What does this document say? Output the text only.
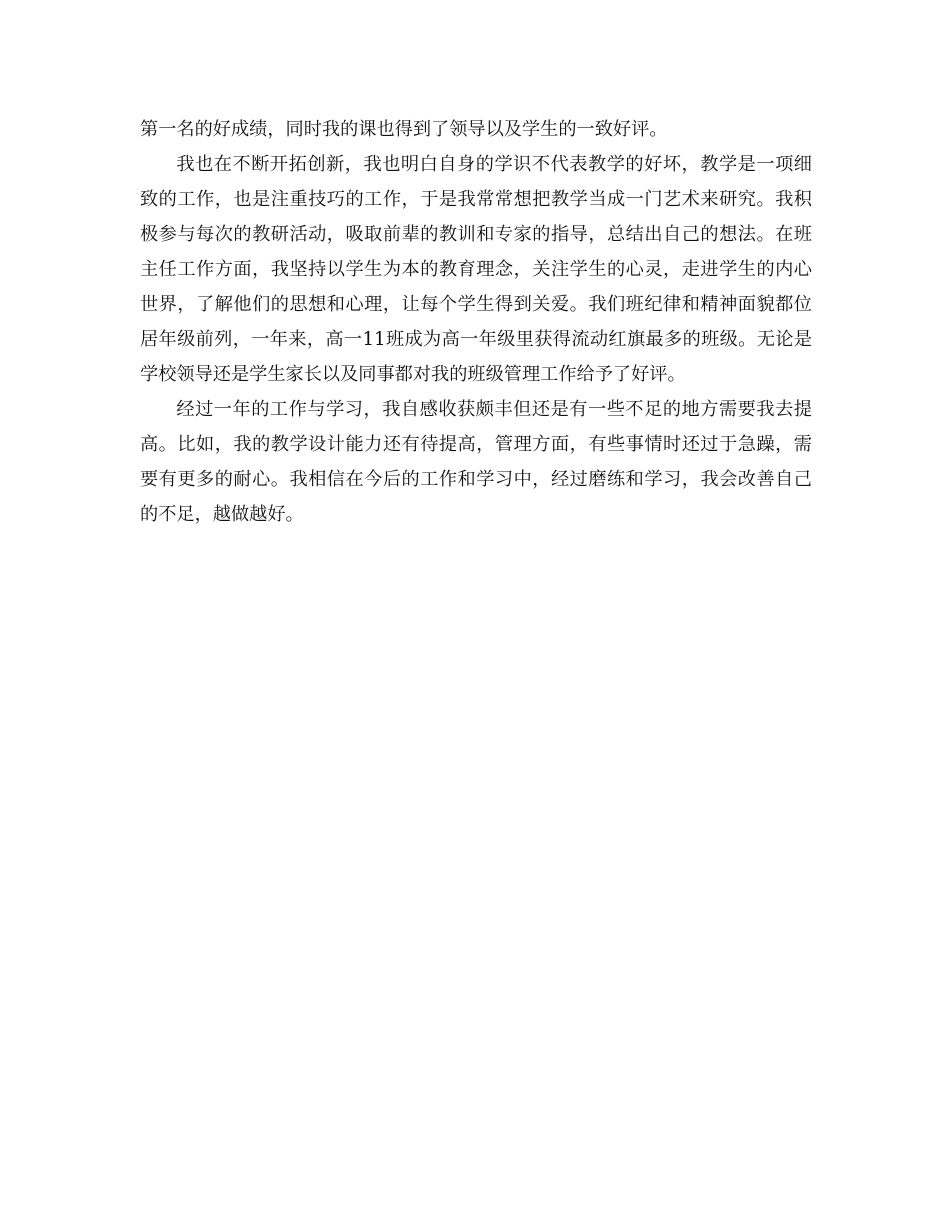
第一名的好成绩，同时我的课也得到了领导以及学生的一致好评。

我也在不断开拓创新，我也明白自身的学识不代表教学的好坏，教学是一项细致的工作，也是注重技巧的工作，于是我常常想把教学当成一门艺术来研究。我积极参与每次的教研活动，吸取前辈的教训和专家的指导，总结出自己的想法。在班主任工作方面，我坚持以学生为本的教育理念，关注学生的心灵，走进学生的内心世界，了解他们的思想和心理，让每个学生得到关爱。我们班纪律和精神面貌都位居年级前列，一年来，高一11班成为高一年级里获得流动红旗最多的班级。无论是学校领导还是学生家长以及同事都对我的班级管理工作给予了好评。

经过一年的工作与学习，我自感收获颇丰但还是有一些不足的地方需要我去提高。比如，我的教学设计能力还有待提高，管理方面，有些事情时还过于急躁，需要有更多的耐心。我相信在今后的工作和学习中，经过磨练和学习，我会改善自己的不足，越做越好。
